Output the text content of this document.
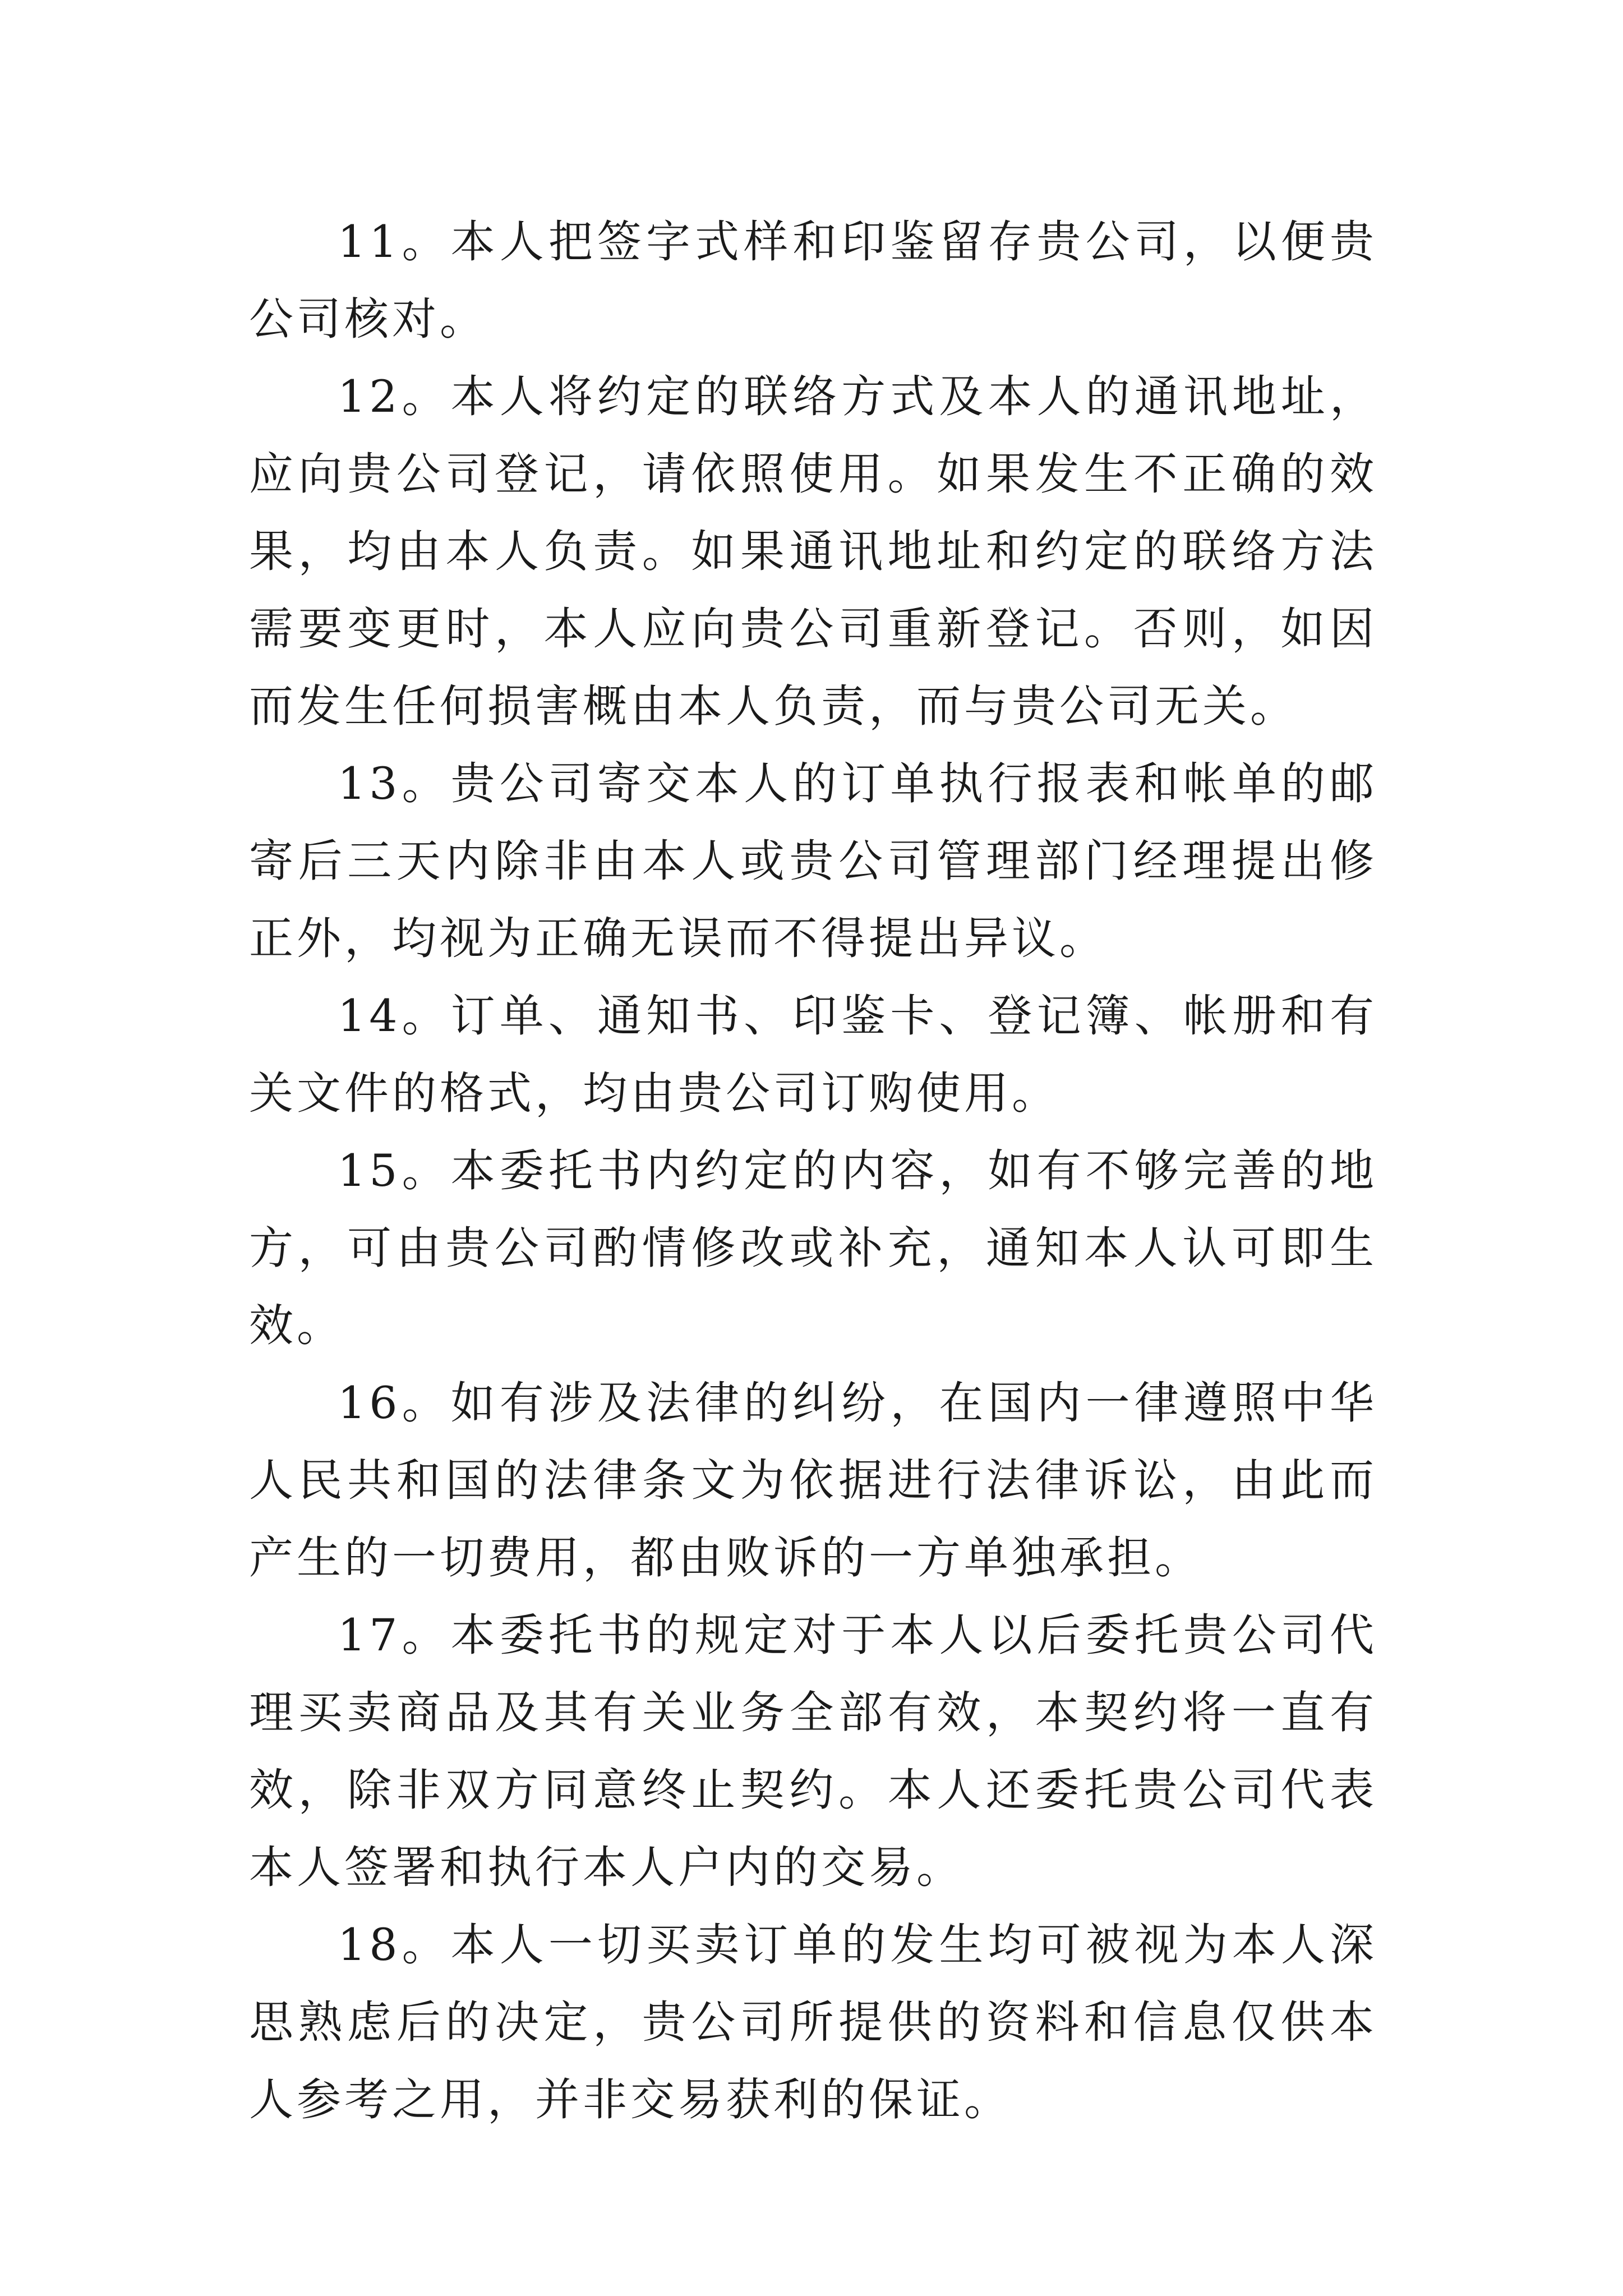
11。本人把签字式样和印鉴留存贵公司，以便贵公司核对。

12。本人将约定的联络方式及本人的通讯地址，应向贵公司登记，请依照使用。如果发生不正确的效果，均由本人负责。如果通讯地址和约定的联络方法需要变更时，本人应向贵公司重新登记。否则，如因而发生任何损害概由本人负责，而与贵公司无关。

13。贵公司寄交本人的订单执行报表和帐单的邮寄后三天内除非由本人或贵公司管理部门经理提出修正外，均视为正确无误而不得提出异议。

14。订单、通知书、印鉴卡、登记簿、帐册和有关文件的格式，均由贵公司订购使用。

15。本委托书内约定的内容，如有不够完善的地方，可由贵公司酌情修改或补充，通知本人认可即生效。

16。如有涉及法律的纠纷，在国内一律遵照中华人民共和国的法律条文为依据进行法律诉讼，由此而产生的一切费用，都由败诉的一方单独承担。

17。本委托书的规定对于本人以后委托贵公司代理买卖商品及其有关业务全部有效，本契约将一直有效，除非双方同意终止契约。本人还委托贵公司代表本人签署和执行本人户内的交易。

18。本人一切买卖订单的发生均可被视为本人深思熟虑后的决定，贵公司所提供的资料和信息仅供本人参考之用，并非交易获利的保证。
